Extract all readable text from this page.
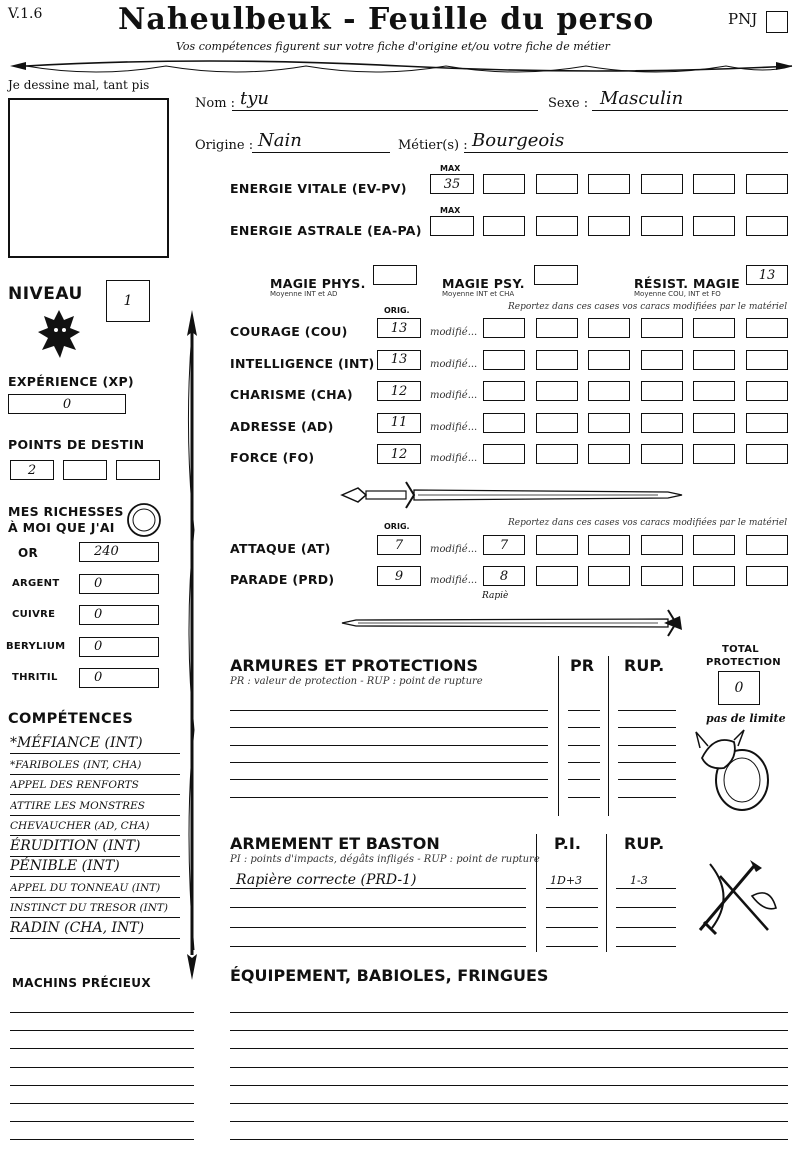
V.1.6	Naheulbeuk - Feuille du perso	PNJ
Vos compétences figurent sur votre fiche d'origine et/ou votre fiche de métier
Je dessine mal, tant pis
Nom : tyu	Sexe : Masculin
Origine : Nain	Métier(s) : Bourgeois
MAX
ENERGIE VITALE (EV-PV)	35
MAX
ENERGIE ASTRALE (EA-PA)
MAGIE PHYS.
Moyenne INT et AD
MAGIE PSY.
Moyenne INT et CHA
RÉSIST. MAGIE
Moyenne COU, INT et FO
13
NIVEAU	1
EXPÉRIENCE (XP)
0
POINTS DE DESTIN
2
MES RICHESSES
À MOI QUE J'AI
OR	240
ARGENT	0
CUIVRE	0
BERYLIUM	0
THRITIL	0
COMPÉTENCES
*MÉFIANCE (INT)
*FARIBOLES (INT, CHA)
APPEL DES RENFORTS
ATTIRE LES MONSTRES
CHEVAUCHER (AD, CHA)
ÉRUDITION (INT)
PÉNIBLE (INT)
APPEL DU TONNEAU (INT)
INSTINCT DU TRESOR (INT)
RADIN (CHA, INT)
MACHINS PRÉCIEUX
ORIG.	Reportez dans ces cases vos caracs modifiées par le matériel
COURAGE (COU)	13	modifié...
INTELLIGENCE (INT)	13	modifié...
CHARISME (CHA)	12	modifié...
ADRESSE (AD)	11	modifié...
FORCE (FO)	12	modifié...
ORIG.	Reportez dans ces cases vos caracs modifiées par le matériel
ATTAQUE (AT)	7	modifié...	7
PARADE (PRD)	9	modifié...	8
Rapiè
ARMURES ET PROTECTIONS
PR : valeur de protection - RUP : point de rupture
PR RUP.
TOTAL
PROTECTION
0
pas de limite
ARMEMENT ET BASTON
PI : points d'impacts, dégâts infligés - RUP : point de rupture
P.I.	RUP.
Rapière correcte (PRD-1)	1D+3	1-3
ÉQUIPEMENT, BABIOLES, FRINGUES
